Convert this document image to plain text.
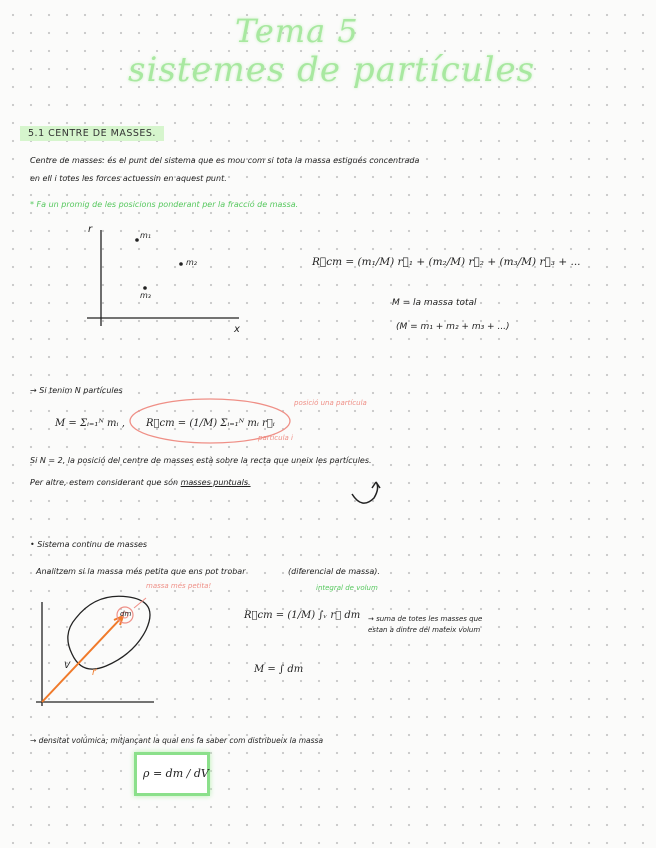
Tema 5
sistemes de partícules
5.1 CENTRE DE MASSES.
Centre de masses: és el punt del sistema que es mou com si tota la massa estigués concentrada
en ell i totes les forces actuessin en aquest punt.
* Fa un promig de les posicions ponderant per la fracció de massa.
r
x
m₁
m₂
m₃
R⃗cm = (m₁/M) r⃗₁ + (m₂/M) r⃗₂ + (m₃/M) r⃗₃ + ...
M = la massa total
(M = m₁ + m₂ + m₃ + ...)
→ Si tenim N partícules
M = Σᵢ₌₁ᴺ mᵢ , R⃗cm = (1/M) Σᵢ₌₁ᴺ mᵢ r⃗ᵢ
posició una partícula
partícula i
Si N = 2, la posició del centre de masses està sobre la recta que uneix les partícules.
Per altre, estem considerant que són masses puntuals.
• Sistema continu de masses
Analitzem si la massa més petita que ens pot trobar	(diferencial de massa).
massa més petita!
dm
r⃗
V
integral de volum
R⃗cm = (1/M) ∫ᵥ r⃗ dm → suma de totes les masses que estan a dintre del mateix volum
M = ∫ dm
→ densitat volúmica; mitjançant la qual ens fa saber com distribueix la massa
ρ = dm / dV
